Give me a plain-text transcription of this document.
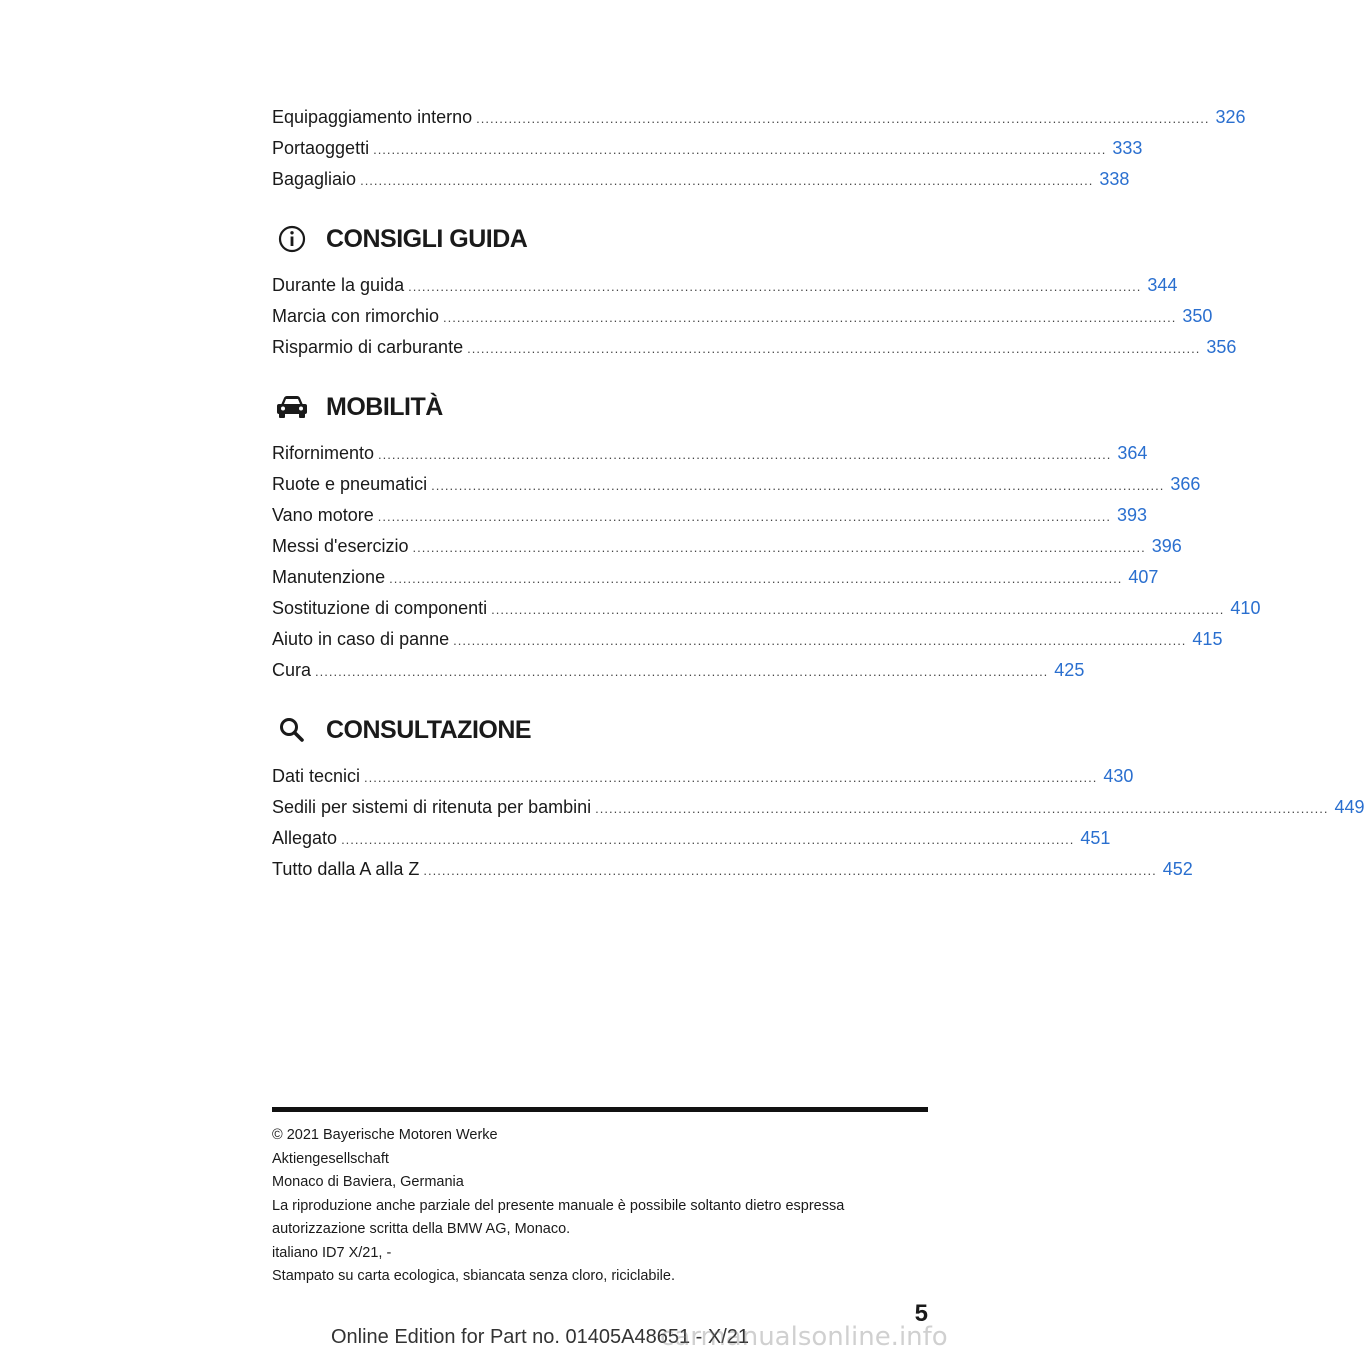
Equipaggiamento interno ............................................................................................................................................................... 326
Portaoggetti ............................................................................................................................................................... 333
Bagagliaio ............................................................................................................................................................... 338
CONSIGLI GUIDA
Durante la guida ............................................................................................................................................................... 344
Marcia con rimorchio ............................................................................................................................................................... 350
Risparmio di carburante ............................................................................................................................................................... 356
MOBILITÀ
Rifornimento ............................................................................................................................................................... 364
Ruote e pneumatici ............................................................................................................................................................... 366
Vano motore ............................................................................................................................................................... 393
Messi d'esercizio ............................................................................................................................................................... 396
Manutenzione ............................................................................................................................................................... 407
Sostituzione di componenti ............................................................................................................................................................... 410
Aiuto in caso di panne ............................................................................................................................................................... 415
Cura ............................................................................................................................................................... 425
CONSULTAZIONE
Dati tecnici ............................................................................................................................................................... 430
Sedili per sistemi di ritenuta per bambini ............................................................................................................................................................... 449
Allegato ............................................................................................................................................................... 451
Tutto dalla A alla Z ............................................................................................................................................................... 452
© 2021 Bayerische Motoren Werke
Aktiengesellschaft
Monaco di Baviera, Germania
La riproduzione anche parziale del presente manuale è possibile soltanto dietro espressa
autorizzazione scritta della BMW AG, Monaco.
italiano ID7 X/21, -
Stampato su carta ecologica, sbiancata senza cloro, riciclabile.
5
Online Edition for Part no. 01405A48651 - X/21
carmanualsonline.info
